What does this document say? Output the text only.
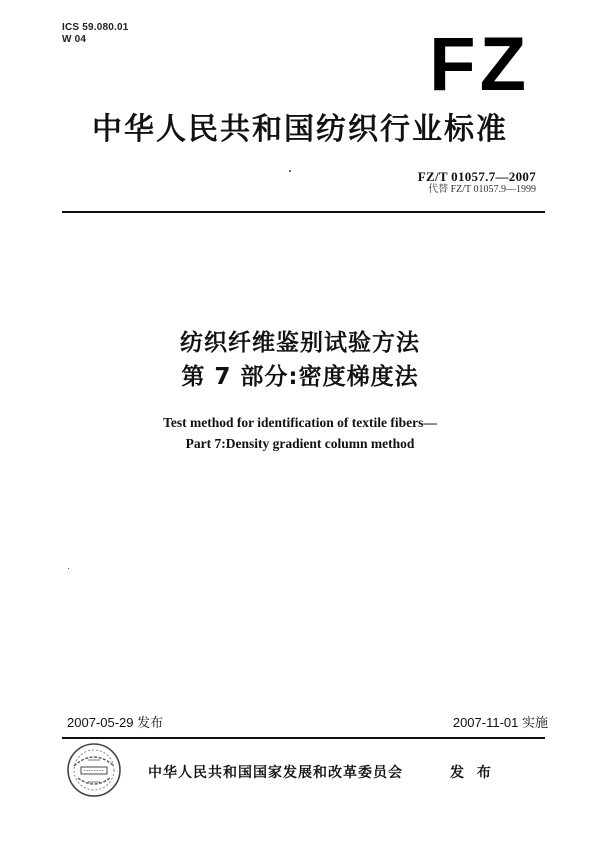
ICS 59.080.01
W 04	FZ
中华人民共和国纺织行业标准
FZ/T 01057.7—2007
代替 FZ/T 01057.9—1999
纺织纤维鉴别试验方法
第 7 部分:密度梯度法
Test method for identification of textile fibers—
Part 7:Density gradient column method
2007-05-29 发布	2007-11-01 实施
中华人民共和国国家发展和改革委员会	发 布
